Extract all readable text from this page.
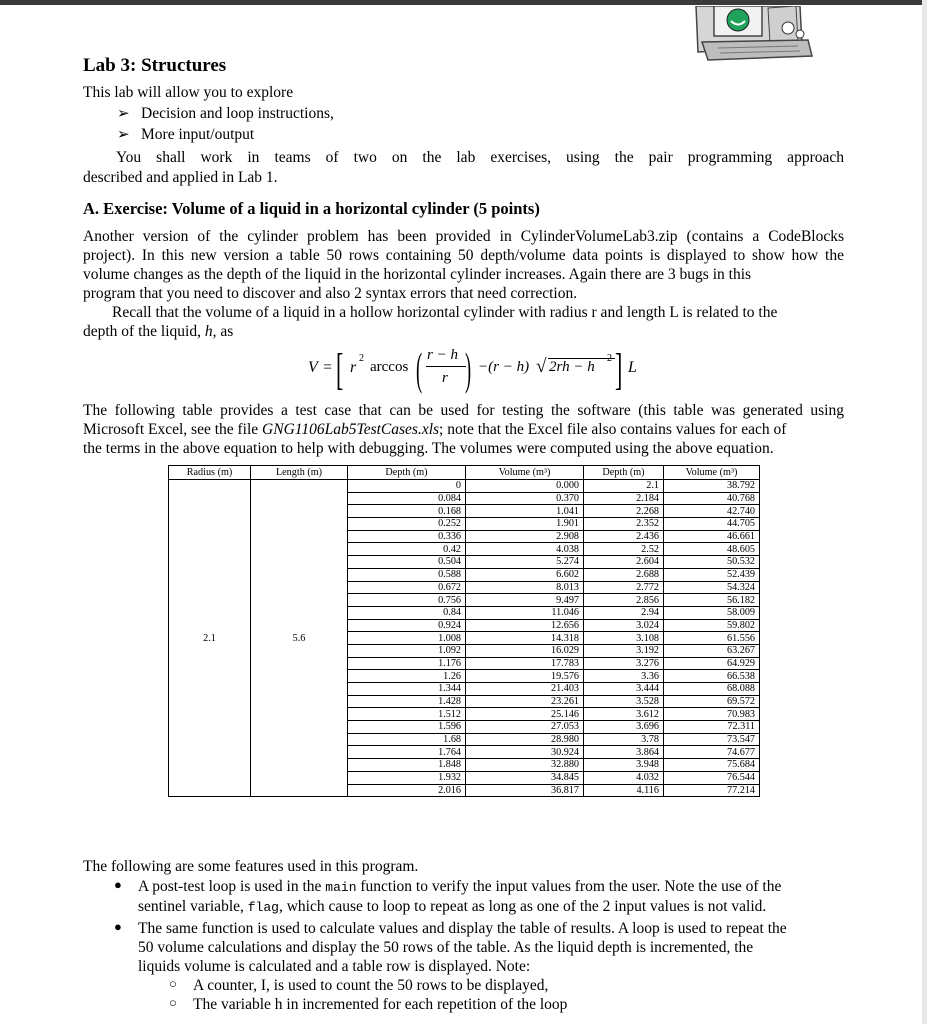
Lab 3: Structures
This lab will allow you to explore
➢ Decision and loop instructions,
➢ More input/output
You shall work in teams of two on the lab exercises, using the pair programming approach
described and applied in Lab 1.
A. Exercise: Volume of a liquid in a horizontal cylinder (5 points)
Another version of the cylinder problem has been provided in CylinderVolumeLab3.zip (contains a CodeBlocks
project). In this new version a table 50 rows containing 50 depth/volume data points is displayed to show how the
volume changes as the depth of the liquid in the horizontal cylinder increases. Again there are 3 bugs in this
program that you need to discover and also 2 syntax errors that need correction.
Recall that the volume of a liquid in a hollow horizontal cylinder with radius r and length L is related to the
depth of the liquid, h, as
V = [ r
2
arccos ( r − h
r ) −(r − h) √ 2rh − h
2 ] L
The following table provides a test case that can be used for testing the software (this table was generated using
Microsoft Excel, see the file GNG1106Lab5TestCases.xls; note that the Excel file also contains values for each of
the terms in the above equation to help with debugging. The volumes were computed using the above equation.
Radius (m)	Length (m)	Depth (m)	Volume (m³)	Depth (m)	Volume (m³)
2.1	5.6	0	0.000	2.1	38.792
		0.084	0.370	2.184	40.768
		0.168	1.041	2.268	42.740
		0.252	1.901	2.352	44.705
		0.336	2.908	2.436	46.661
		0.42	4.038	2.52	48.605
		0.504	5.274	2.604	50.532
		0.588	6.602	2.688	52.439
		0.672	8.013	2.772	54.324
		0.756	9.497	2.856	56.182
		0.84	11.046	2.94	58.009
		0.924	12.656	3.024	59.802
		1.008	14.318	3.108	61.556
		1.092	16.029	3.192	63.267
		1.176	17.783	3.276	64.929
		1.26	19.576	3.36	66.538
		1.344	21.403	3.444	68.088
		1.428	23.261	3.528	69.572
		1.512	25.146	3.612	70.983
		1.596	27.053	3.696	72.311
		1.68	28.980	3.78	73.547
		1.764	30.924	3.864	74.677
		1.848	32.880	3.948	75.684
		1.932	34.845	4.032	76.544
		2.016	36.817	4.116	77.214
The following are some features used in this program.
● A post-test loop is used in the main function to verify the input values from the user. Note the use of the
sentinel variable, flag, which cause to loop to repeat as long as one of the 2 input values is not valid.
● The same function is used to calculate values and display the table of results. A loop is used to repeat the
50 volume calculations and display the 50 rows of the table. As the liquid depth is incremented, the
liquids volume is calculated and a table row is displayed. Note:
○ A counter, I, is used to count the 50 rows to be displayed,
○ The variable h in incremented for each repetition of the loop
